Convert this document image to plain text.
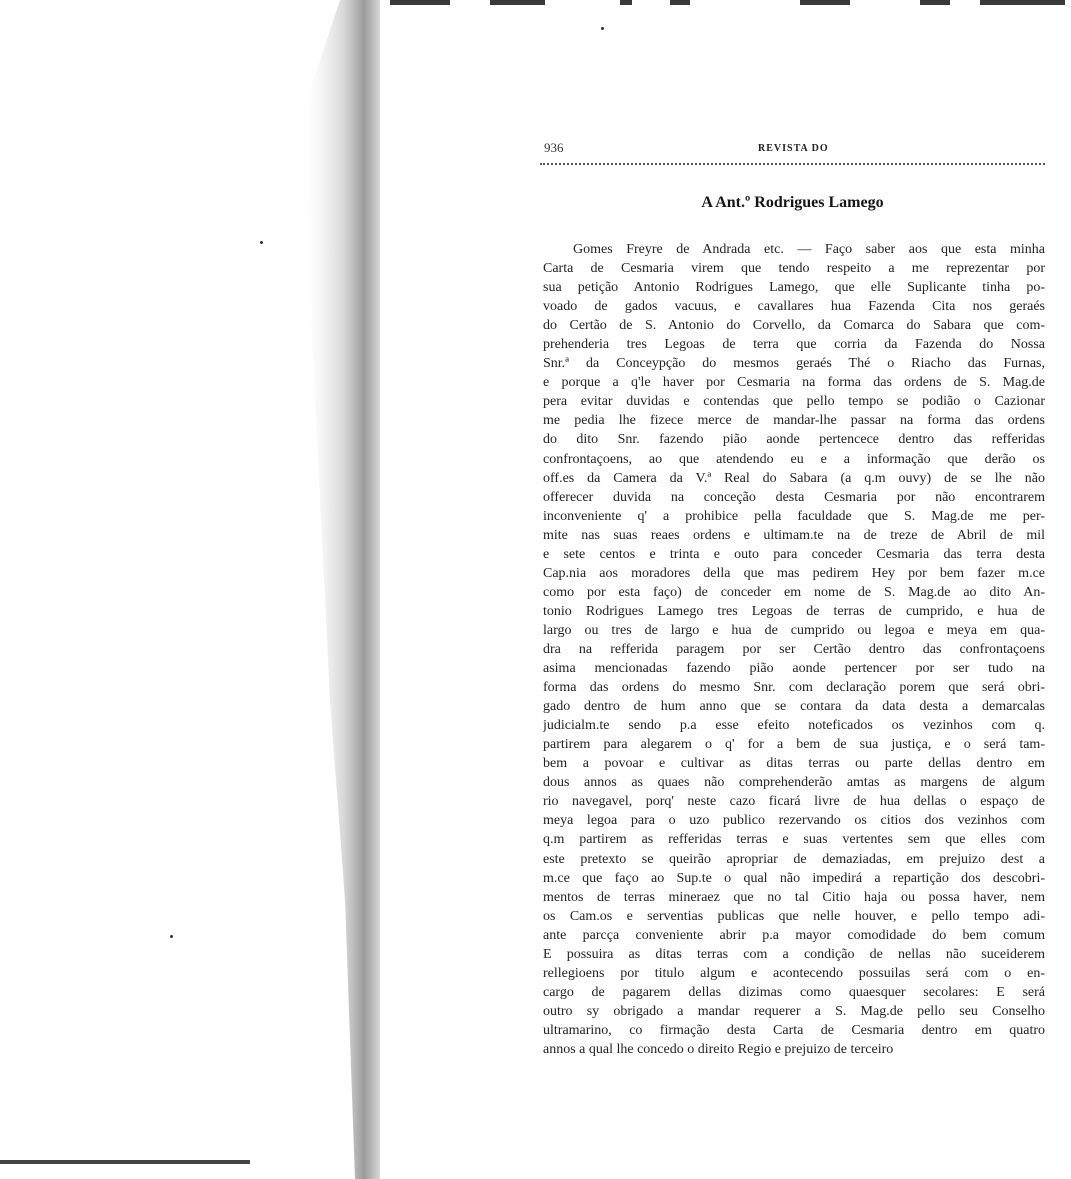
936	REVISTA DO
A Ant.º Rodrigues Lamego
Gomes Freyre de Andrada etc. — Faço saber aos que esta minha
Carta de Cesmaria virem que tendo respeito a me reprezentar por
sua petição Antonio Rodrigues Lamego, que elle Suplicante tinha po-
voado de gados vacuus, e cavallares hua Fazenda Cita nos geraés
do Certão de S. Antonio do Corvello, da Comarca do Sabara que com-
prehenderia tres Legoas de terra que corria da Fazenda do Nossa
Snr.ª da Conceypção do mesmos geraés Thé o Riacho das Furnas,
e porque a q'le haver por Cesmaria na forma das ordens de S. Mag.de
pera evitar duvidas e contendas que pello tempo se podião o Cazionar
me pedia lhe fizece merce de mandar-lhe passar na forma das ordens
do dito Snr. fazendo pião aonde pertencece dentro das refferidas
confrontaçoens, ao que atendendo eu e a informação que derão os
off.es da Camera da V.ª Real do Sabara (a q.m ouvy) de se lhe não
offerecer duvida na conceção desta Cesmaria por não encontrarem
inconveniente q' a prohibice pella faculdade que S. Mag.de me per-
mite nas suas reaes ordens e ultimam.te na de treze de Abril de mil
e sete centos e trinta e outo para conceder Cesmaria das terra desta
Cap.nia aos moradores della que mas pedirem Hey por bem fazer m.ce
como por esta faço) de conceder em nome de S. Mag.de ao dito An-
tonio Rodrigues Lamego tres Legoas de terras de cumprido, e hua de
largo ou tres de largo e hua de cumprido ou legoa e meya em qua-
dra na refferida paragem por ser Certão dentro das confrontaçoens
asima mencionadas fazendo pião aonde pertencer por ser tudo na
forma das ordens do mesmo Snr. com declaração porem que será obri-
gado dentro de hum anno que se contara da data desta a demarcalas
judicialm.te sendo p.a esse efeito noteficados os vezinhos com q.
partirem para alegarem o q' for a bem de sua justiça, e o será tam-
bem a povoar e cultivar as ditas terras ou parte dellas dentro em
dous annos as quaes não comprehenderão amtas as margens de algum
rio navegavel, porq' neste cazo ficará livre de hua dellas o espaço de
meya legoa para o uzo publico rezervando os citios dos vezinhos com
q.m partirem as refferidas terras e suas vertentes sem que elles com
este pretexto se queirão apropriar de demaziadas, em prejuizo dest a
m.ce que faço ao Sup.te o qual não impedirá a repartição dos descobri-
mentos de terras mineraez que no tal Citio haja ou possa haver, nem
os Cam.os e serventias publicas que nelle houver, e pello tempo adi-
ante parcça conveniente abrir p.a mayor comodidade do bem comum
E possuira as ditas terras com a condição de nellas não suceiderem
rellegioens por titulo algum e acontecendo possuilas será com o en-
cargo de pagarem dellas dizimas como quaesquer secolares: E será
outro sy obrigado a mandar requerer a S. Mag.de pello seu Conselho
ultramarino, co firmação desta Carta de Cesmaria dentro em quatro
annos a qual lhe concedo o direito Regio e prejuizo de terceiro
